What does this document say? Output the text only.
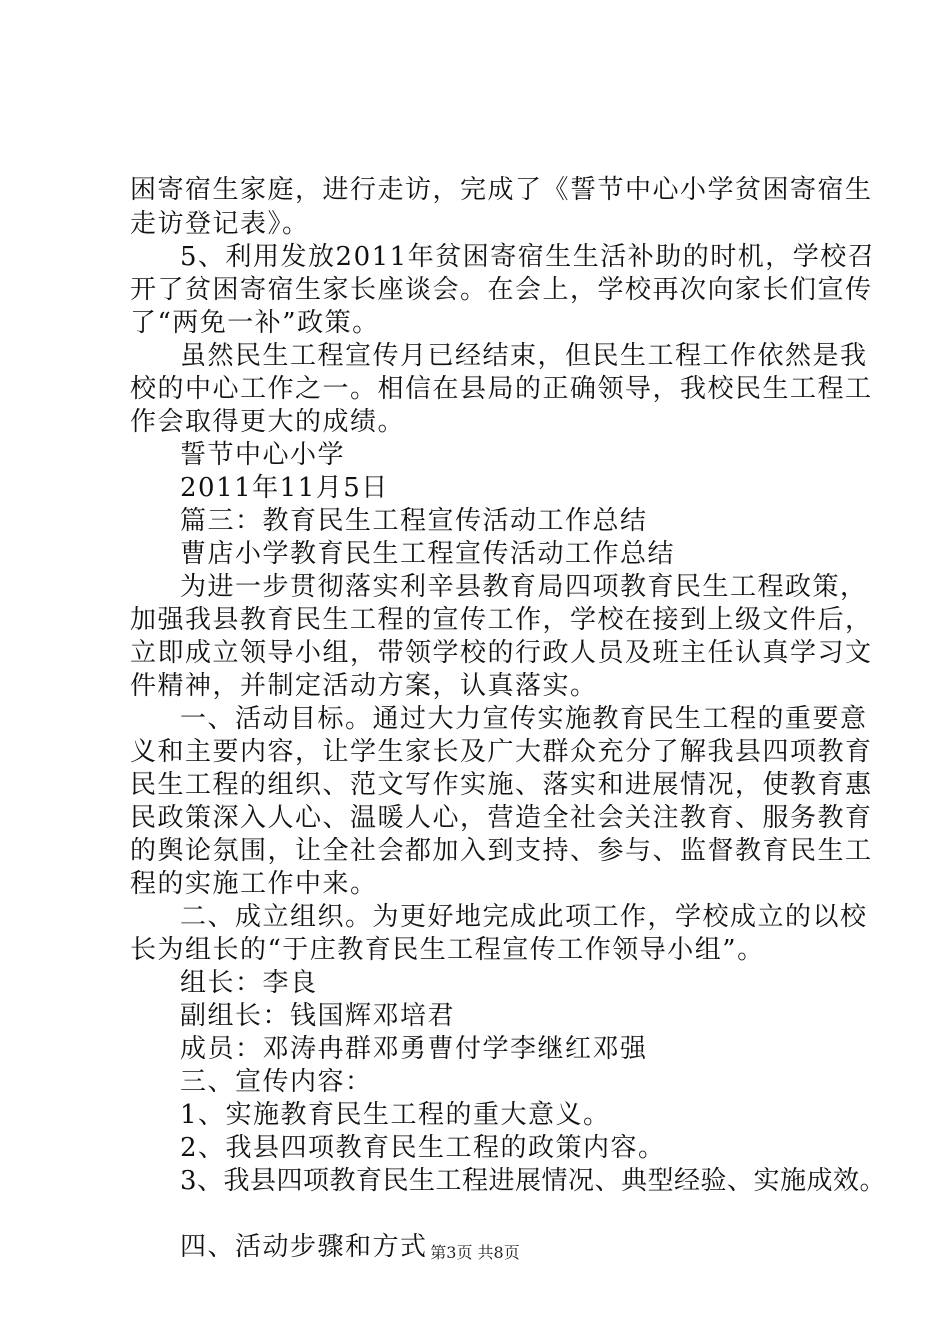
困寄宿生家庭，进行走访，完成了《誓节中心小学贫困寄宿生
走访登记表》。
5、利用发放2011年贫困寄宿生生活补助的时机，学校召
开了贫困寄宿生家长座谈会。在会上，学校再次向家长们宣传
了“两免一补”政策。
虽然民生工程宣传月已经结束，但民生工程工作依然是我
校的中心工作之一。相信在县局的正确领导，我校民生工程工
作会取得更大的成绩。
誓节中心小学
2011年11月5日
篇三：教育民生工程宣传活动工作总结
曹店小学教育民生工程宣传活动工作总结
为进一步贯彻落实利辛县教育局四项教育民生工程政策，
加强我县教育民生工程的宣传工作，学校在接到上级文件后，
立即成立领导小组，带领学校的行政人员及班主任认真学习文
件精神，并制定活动方案，认真落实。
一、活动目标。通过大力宣传实施教育民生工程的重要意
义和主要内容，让学生家长及广大群众充分了解我县四项教育
民生工程的组织、范文写作实施、落实和进展情况，使教育惠
民政策深入人心、温暖人心，营造全社会关注教育、服务教育
的舆论氛围，让全社会都加入到支持、参与、监督教育民生工
程的实施工作中来。
二、成立组织。为更好地完成此项工作，学校成立的以校
长为组长的“于庄教育民生工程宣传工作领导小组”。
组长：李良
副组长：钱国辉邓培君
成员：邓涛冉群邓勇曹付学李继红邓强
三、宣传内容：
1、实施教育民生工程的重大意义。
2、我县四项教育民生工程的政策内容。
3、我县四项教育民生工程进展情况、典型经验、实施成效。
四、活动步骤和方式 第3页 共8页
